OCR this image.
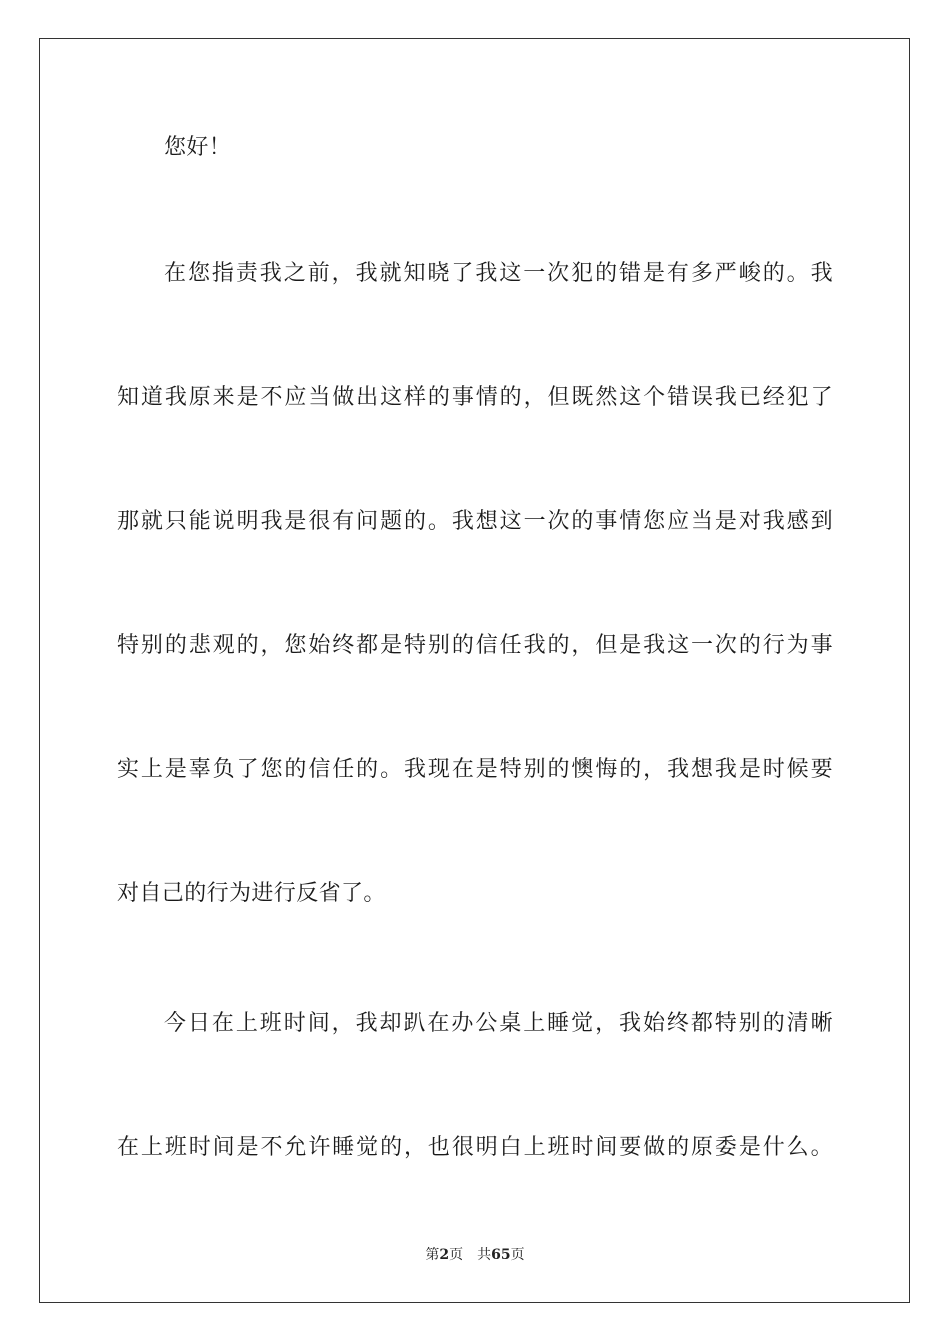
您好！
在您指责我之前，我就知晓了我这一次犯的错是有多严峻的。我
知道我原来是不应当做出这样的事情的，但既然这个错误我已经犯了
那就只能说明我是很有问题的。我想这一次的事情您应当是对我感到
特别的悲观的，您始终都是特别的信任我的，但是我这一次的行为事
实上是辜负了您的信任的。我现在是特别的懊悔的，我想我是时候要
对自己的行为进行反省了。
今日在上班时间，我却趴在办公桌上睡觉，我始终都特别的清晰
在上班时间是不允许睡觉的，也很明白上班时间要做的原委是什么。
第2页 共65页
